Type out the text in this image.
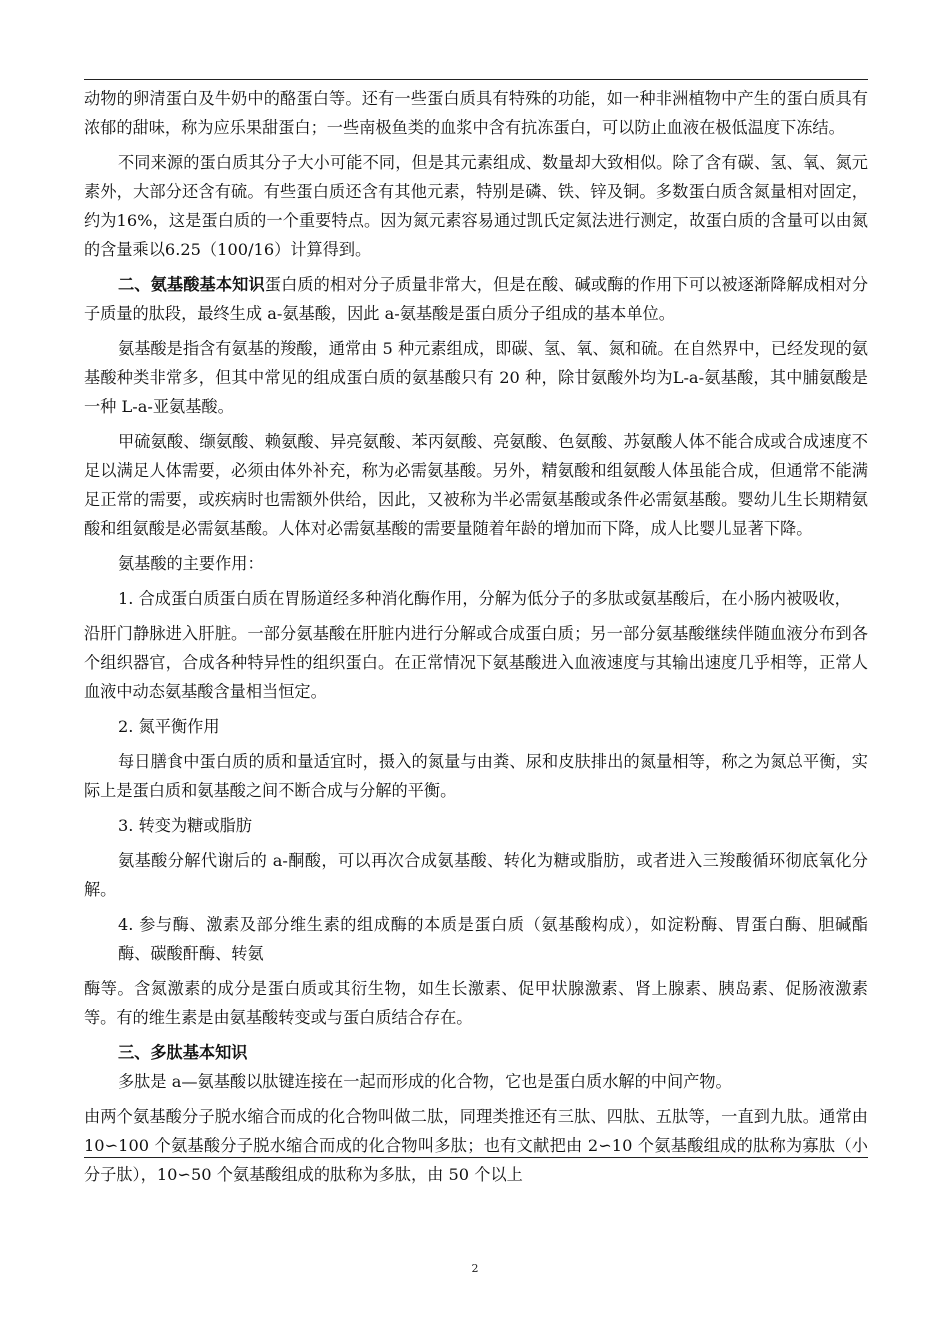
动物的卵清蛋白及牛奶中的酪蛋白等。还有一些蛋白质具有特殊的功能，如一种非洲植物中产生的蛋白质具有浓郁的甜味，称为应乐果甜蛋白；一些南极鱼类的血浆中含有抗冻蛋白，可以防止血液在极低温度下冻结。

不同来源的蛋白质其分子大小可能不同，但是其元素组成、数量却大致相似。除了含有碳、氢、氧、氮元素外，大部分还含有硫。有些蛋白质还含有其他元素，特别是磷、铁、锌及铜。多数蛋白质含氮量相对固定，约为16%，这是蛋白质的一个重要特点。因为氮元素容易通过凯氏定氮法进行测定，故蛋白质的含量可以由氮的含量乘以6.25（100/16）计算得到。

二、氨基酸基本知识蛋白质的相对分子质量非常大，但是在酸、碱或酶的作用下可以被逐渐降解成相对分子质量的肽段，最终生成 a-氨基酸，因此 a-氨基酸是蛋白质分子组成的基本单位。

氨基酸是指含有氨基的羧酸，通常由 5 种元素组成，即碳、氢、氧、氮和硫。在自然界中，已经发现的氨基酸种类非常多，但其中常见的组成蛋白质的氨基酸只有 20 种，除甘氨酸外均为L-a-氨基酸，其中脯氨酸是一种 L-a-亚氨基酸。

甲硫氨酸、缬氨酸、赖氨酸、异亮氨酸、苯丙氨酸、亮氨酸、色氨酸、苏氨酸人体不能合成或合成速度不足以满足人体需要，必须由体外补充，称为必需氨基酸。另外，精氨酸和组氨酸人体虽能合成，但通常不能满足正常的需要，或疾病时也需额外供给，因此，又被称为半必需氨基酸或条件必需氨基酸。婴幼儿生长期精氨酸和组氨酸是必需氨基酸。人体对必需氨基酸的需要量随着年龄的增加而下降，成人比婴儿显著下降。

氨基酸的主要作用：

1. 合成蛋白质蛋白质在胃肠道经多种消化酶作用，分解为低分子的多肽或氨基酸后，在小肠内被吸收，

沿肝门静脉进入肝脏。一部分氨基酸在肝脏内进行分解或合成蛋白质；另一部分氨基酸继续伴随血液分布到各个组织器官，合成各种特异性的组织蛋白。在正常情况下氨基酸进入血液速度与其输出速度几乎相等，正常人血液中动态氨基酸含量相当恒定。

2. 氮平衡作用

每日膳食中蛋白质的质和量适宜时，摄入的氮量与由粪、尿和皮肤排出的氮量相等，称之为氮总平衡，实际上是蛋白质和氨基酸之间不断合成与分解的平衡。

3. 转变为糖或脂肪

氨基酸分解代谢后的 a-酮酸，可以再次合成氨基酸、转化为糖或脂肪，或者进入三羧酸循环彻底氧化分解。

4. 参与酶、激素及部分维生素的组成酶的本质是蛋白质（氨基酸构成），如淀粉酶、胃蛋白酶、胆碱酯酶、碳酸酐酶、转氨

酶等。含氮激素的成分是蛋白质或其衍生物，如生长激素、促甲状腺激素、肾上腺素、胰岛素、促肠液激素等。有的维生素是由氨基酸转变或与蛋白质结合存在。

三、多肽基本知识

多肽是 a—氨基酸以肽键连接在一起而形成的化合物，它也是蛋白质水解的中间产物。

由两个氨基酸分子脱水缩合而成的化合物叫做二肽，同理类推还有三肽、四肽、五肽等，一直到九肽。通常由 10∽100 个氨基酸分子脱水缩合而成的化合物叫多肽；也有文献把由 2∽10 个氨基酸组成的肽称为寡肽（小分子肽），10∽50 个氨基酸组成的肽称为多肽，由 50 个以上

2
